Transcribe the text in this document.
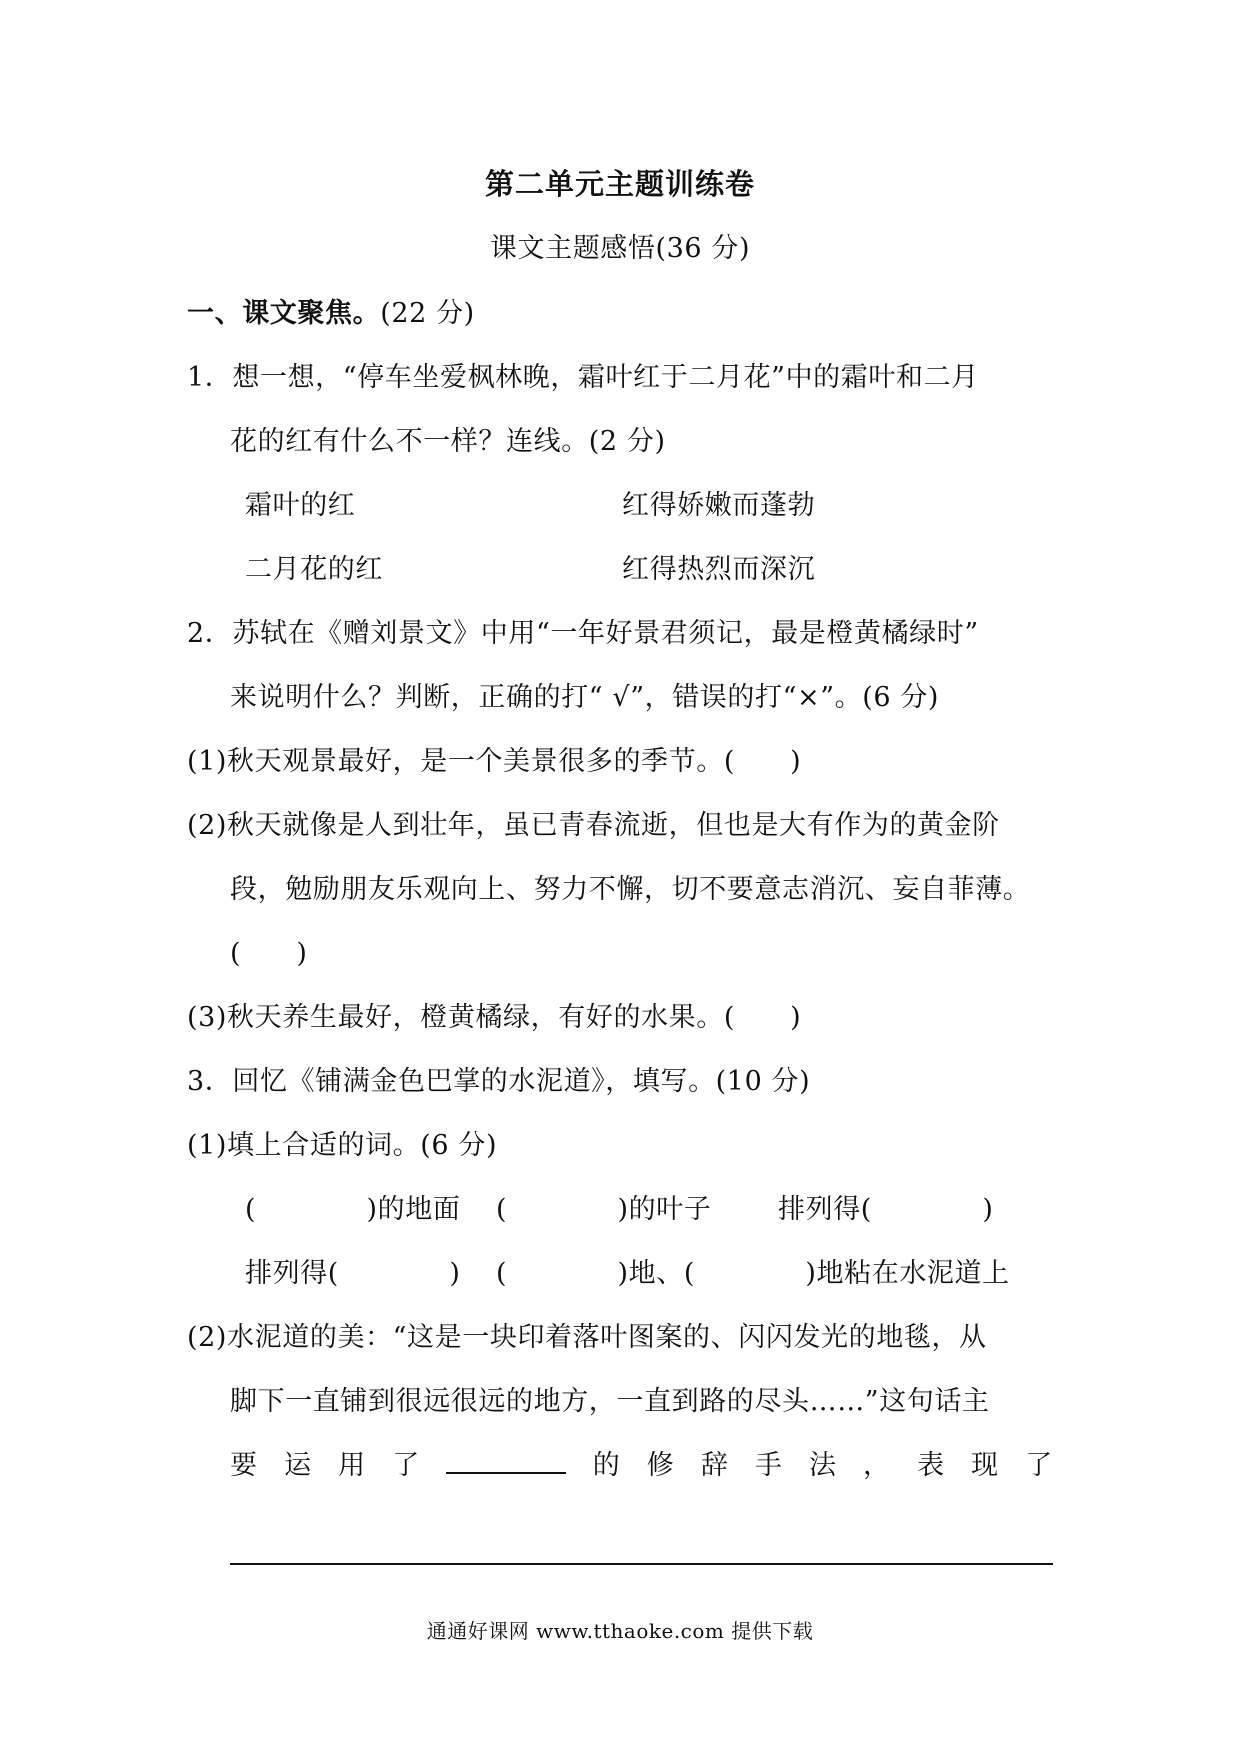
第二单元主题训练卷
课文主题感悟(36 分)
一、课文聚焦。(22 分)
1．想一想，“停车坐爱枫林晚，霜叶红于二月花”中的霜叶和二月
花的红有什么不一样？连线。(2 分)
霜叶的红	红得娇嫩而蓬勃
二月花的红	红得热烈而深沉
2．苏轼在《赠刘景文》中用“一年好景君须记，最是橙黄橘绿时”
来说明什么？判断，正确的打“ √”，错误的打“×”。(6 分)
(1)秋天观景最好，是一个美景很多的季节。(　　)
(2)秋天就像是人到壮年，虽已青春流逝，但也是大有作为的黄金阶
段，勉励朋友乐观向上、努力不懈，切不要意志消沉、妄自菲薄。
(　　)
(3)秋天养生最好，橙黄橘绿，有好的水果。(　　)
3．回忆《铺满金色巴掌的水泥道》，填写。(10 分)
(1)填上合适的词。(6 分)
(　　　　)的地面 (　　　　)的叶子 排列得(　　　　)
排列得(　　　　) (　　　　)地、(　　　　)地粘在水泥道上
(2)水泥道的美：“这是一块印着落叶图案的、闪闪发光的地毯，从
脚下一直铺到很远很远的地方，一直到路的尽头……”这句话主
要 运 用 了	的 修 辞 手 法 ， 表 现 了
通通好课网 www.tthaoke.com 提供下载
